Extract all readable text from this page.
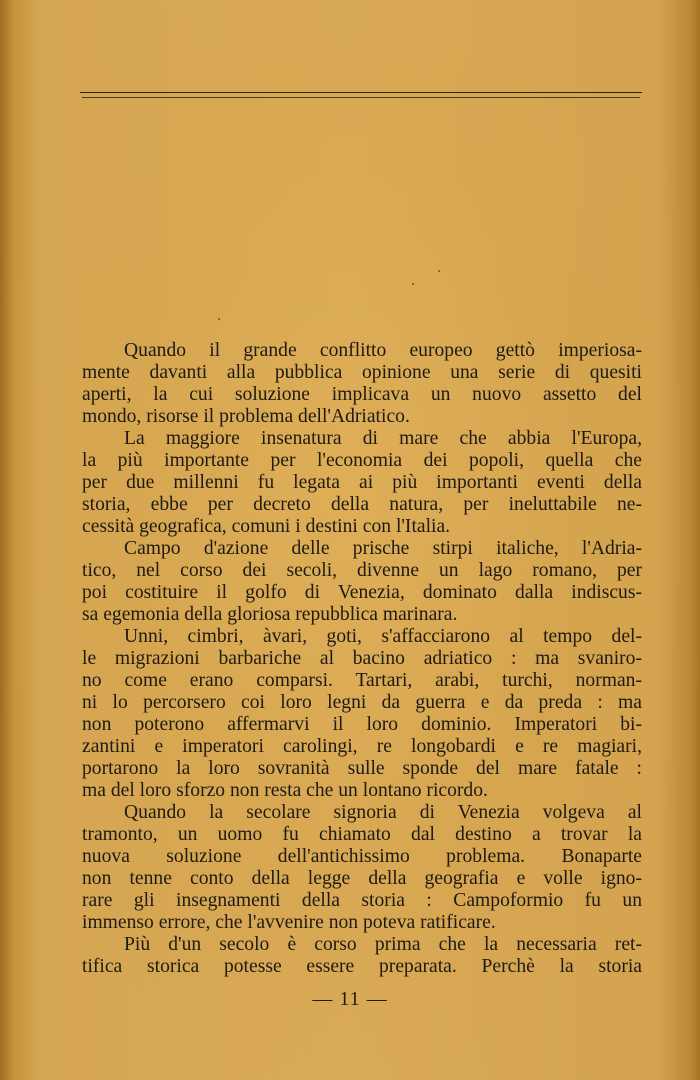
Quando il grande conflitto europeo gettò imperiosa-
mente davanti alla pubblica opinione una serie di quesiti
aperti, la cui soluzione implicava un nuovo assetto del
mondo, risorse il problema dell'Adriatico.
La maggiore insenatura di mare che abbia l'Europa,
la più importante per l'economia dei popoli, quella che
per due millenni fu legata ai più importanti eventi della
storia, ebbe per decreto della natura, per ineluttabile ne-
cessità geografica, comuni i destini con l'Italia.
Campo d'azione delle prische stirpi italiche, l'Adria-
tico, nel corso dei secoli, divenne un lago romano, per
poi costituire il golfo di Venezia, dominato dalla indiscus-
sa egemonia della gloriosa repubblica marinara.
Unni, cimbri, àvari, goti, s'affacciarono al tempo del-
le migrazioni barbariche al bacino adriatico : ma svaniro-
no come erano comparsi. Tartari, arabi, turchi, norman-
ni lo percorsero coi loro legni da guerra e da preda : ma
non poterono affermarvi il loro dominio. Imperatori bi-
zantini e imperatori carolingi, re longobardi e re magiari,
portarono la loro sovranità sulle sponde del mare fatale :
ma del loro sforzo non resta che un lontano ricordo.
Quando la secolare signoria di Venezia volgeva al
tramonto, un uomo fu chiamato dal destino a trovar la
nuova soluzione dell'antichissimo problema. Bonaparte
non tenne conto della legge della geografia e volle igno-
rare gli insegnamenti della storia : Campoformio fu un
immenso errore, che l'avvenire non poteva ratificare.
Più d'un secolo è corso prima che la necessaria ret-
tifica storica potesse essere preparata. Perchè la storia
— 11 —
